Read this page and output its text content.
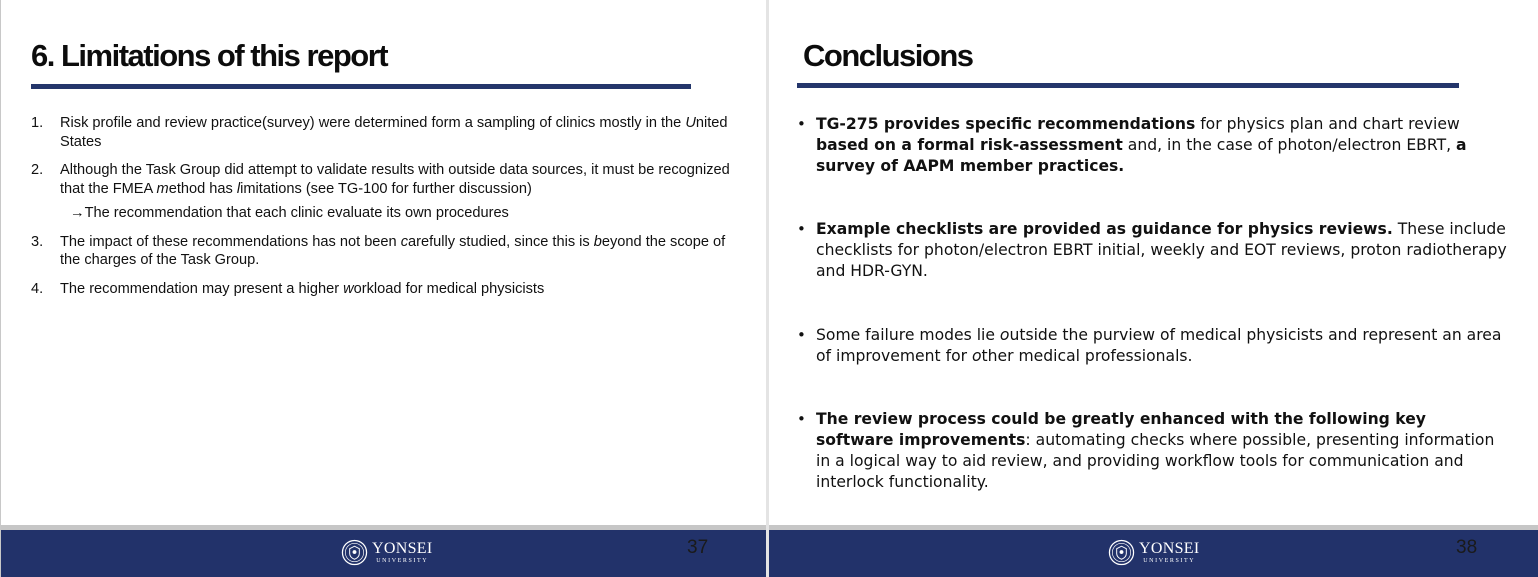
6. Limitations of this report
1. Risk profile and review practice(survey) were determined form a sampling of clinics mostly in the United States
2. Although the Task Group did attempt to validate results with outside data sources, it must be recognized that the FMEA method has limitations (see TG-100 for further discussion)
→The recommendation that each clinic evaluate its own procedures
3. The impact of these recommendations has not been carefully studied, since this is beyond the scope of the charges of the Task Group.
4. The recommendation may present a higher workload for medical physicists
YONSEI
UNIVERSITY
37
Conclusions
YONSEI
UNIVERSITY
38
• TG-275 provides specific recommendations for physics plan and chart review based on a formal risk-assessment and, in the case of photon/electron EBRT, a survey of AAPM member practices.
• Example checklists are provided as guidance for physics reviews. These include checklists for photon/electron EBRT initial, weekly and EOT reviews, proton radiotherapy and HDR-GYN.
• Some failure modes lie outside the purview of medical physicists and represent an area of improvement for other medical professionals.
• The review process could be greatly enhanced with the following key software improvements: automating checks where possible, presenting information in a logical way to aid review, and providing workflow tools for communication and interlock functionality.
